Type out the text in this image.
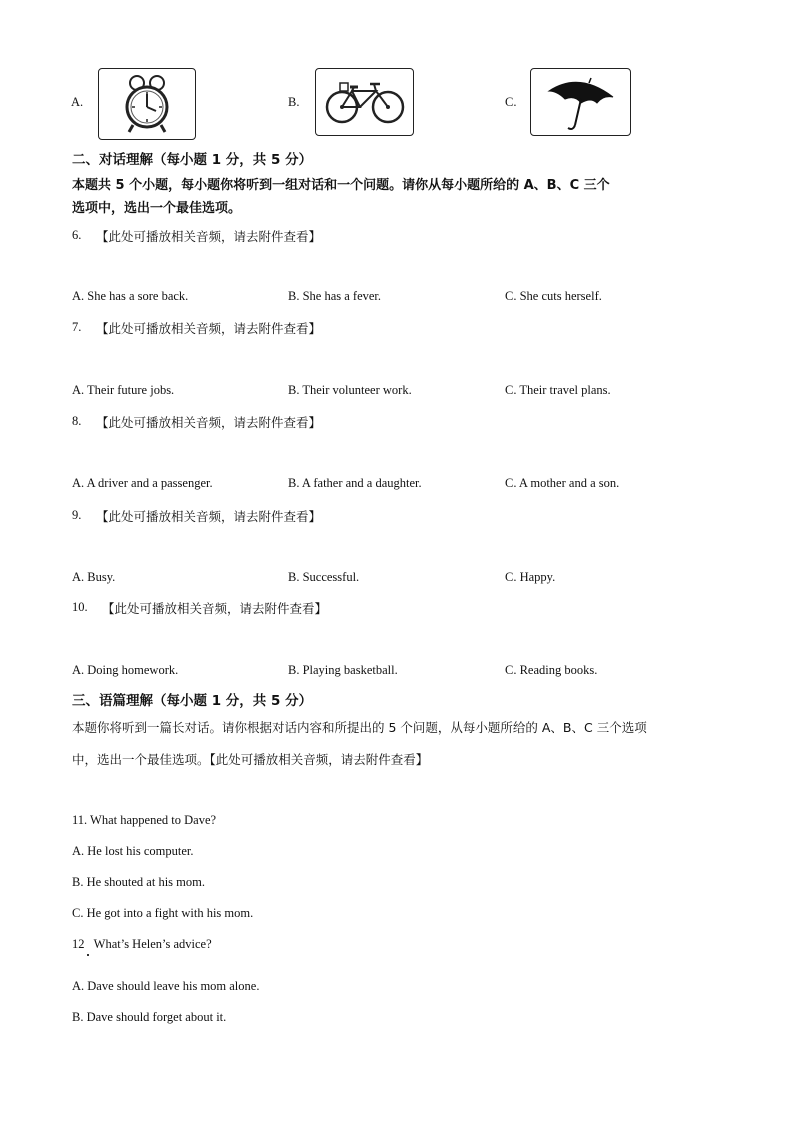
A.	B.	C.
二、对话理解（每小题 1 分，共 5 分）
本题共 5 个小题，每小题你将听到一组对话和一个问题。请你从每小题所给的 A、B、C 三个
选项中，选出一个最佳选项。
6. 【此处可播放相关音频，请去附件查看】
A. She has a sore back.	B. She has a fever.	C. She cuts herself.
7. 【此处可播放相关音频，请去附件查看】
A. Their future jobs.	B. Their volunteer work.	C. Their travel plans.
8. 【此处可播放相关音频，请去附件查看】
A. A driver and a passenger.	B. A father and a daughter.	C. A mother and a son.
9. 【此处可播放相关音频，请去附件查看】
A. Busy.	B. Successful.	C. Happy.
10. 【此处可播放相关音频，请去附件查看】
A. Doing homework.	B. Playing basketball.	C. Reading books.
三、语篇理解（每小题 1 分，共 5 分）
本题你将听到一篇长对话。请你根据对话内容和所提出的 5 个问题，从每小题所给的 A、B、C 三个选项
中，选出一个最佳选项。【此处可播放相关音频，请去附件查看】
11. What happened to Dave?
A. He lost his computer.
B. He shouted at his mom.
C. He got into a fight with his mom.
12   What’s Helen’s advice?
A. Dave should leave his mom alone.
B. Dave should forget about it.
